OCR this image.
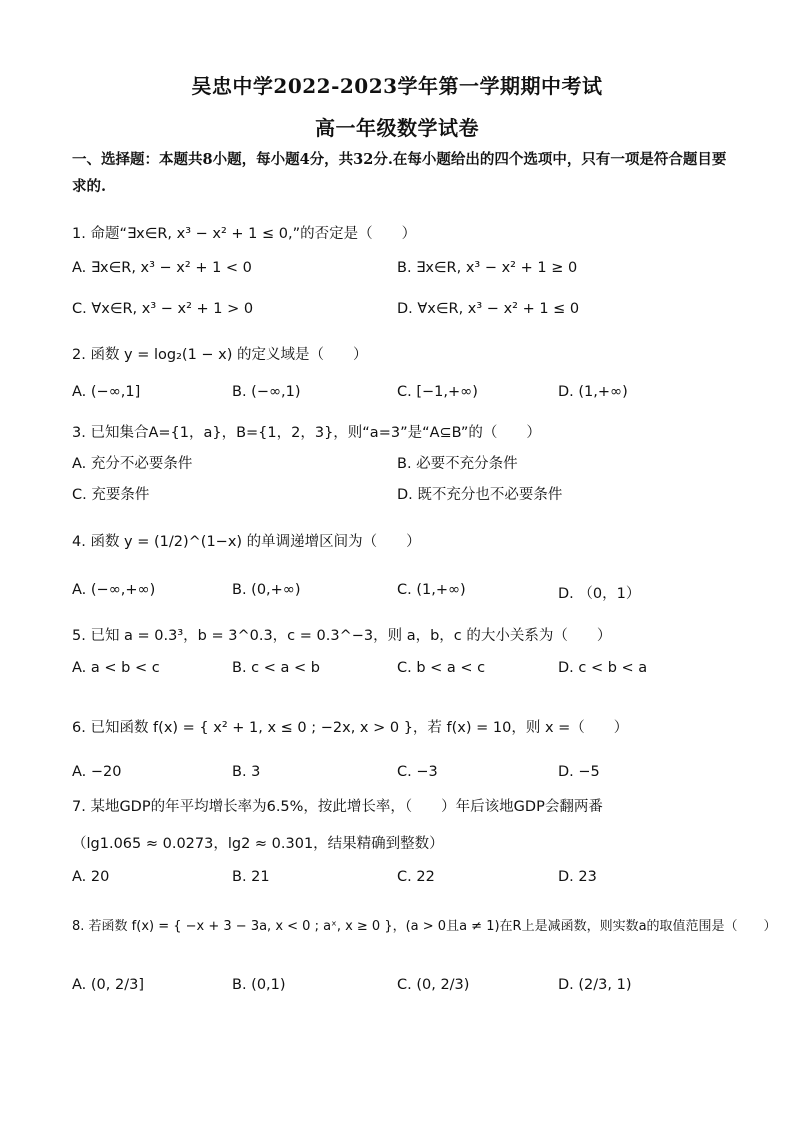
吴忠中学2022-2023学年第一学期期中考试
高一年级数学试卷
一、选择题：本题共8小题，每小题4分，共32分.在每小题给出的四个选项中，只有一项是符合题目要求的.
1. 命题“∃x∈R, x³ − x² + 1 ≤ 0,”的否定是（　　）
A. ∃x∈R, x³ − x² + 1 < 0	B. ∃x∈R, x³ − x² + 1 ≥ 0
C. ∀x∈R, x³ − x² + 1 > 0	D. ∀x∈R, x³ − x² + 1 ≤ 0
2. 函数 y = log₂(1 − x) 的定义域是（　　）
A. (−∞,1]	B. (−∞,1)	C. [−1,+∞)	D. (1,+∞)
3. 已知集合A={1，a}，B={1，2，3}，则“a=3”是“A⊆B”的（　　）
A. 充分不必要条件	B. 必要不充分条件
C. 充要条件	D. 既不充分也不必要条件
4. 函数 y = (1/2)^(1−x) 的单调递增区间为（　　）
A. (−∞,+∞)	B. (0,+∞)	C. (1,+∞)	D. （0，1）
5. 已知 a = 0.3³，b = 3^0.3，c = 0.3^−3，则 a，b，c 的大小关系为（　　）
A. a < b < c	B. c < a < b	C. b < a < c	D. c < b < a
6. 已知函数 f(x) = { x² + 1, x ≤ 0 ; −2x, x > 0 }，若 f(x) = 10，则 x =（　　）
A. −20	B. 3	C. −3	D. −5
7. 某地GDP的年平均增长率为6.5%，按此增长率，（　　）年后该地GDP会翻两番
（lg1.065 ≈ 0.0273，lg2 ≈ 0.301，结果精确到整数）
A. 20	B. 21	C. 22	D. 23
8. 若函数 f(x) = { −x + 3 − 3a, x < 0 ; aˣ, x ≥ 0 }，(a > 0且a ≠ 1)在R上是减函数，则实数a的取值范围是（　　）
A. (0, 2/3]	B. (0,1)	C. (0, 2/3)	D. (2/3, 1)
